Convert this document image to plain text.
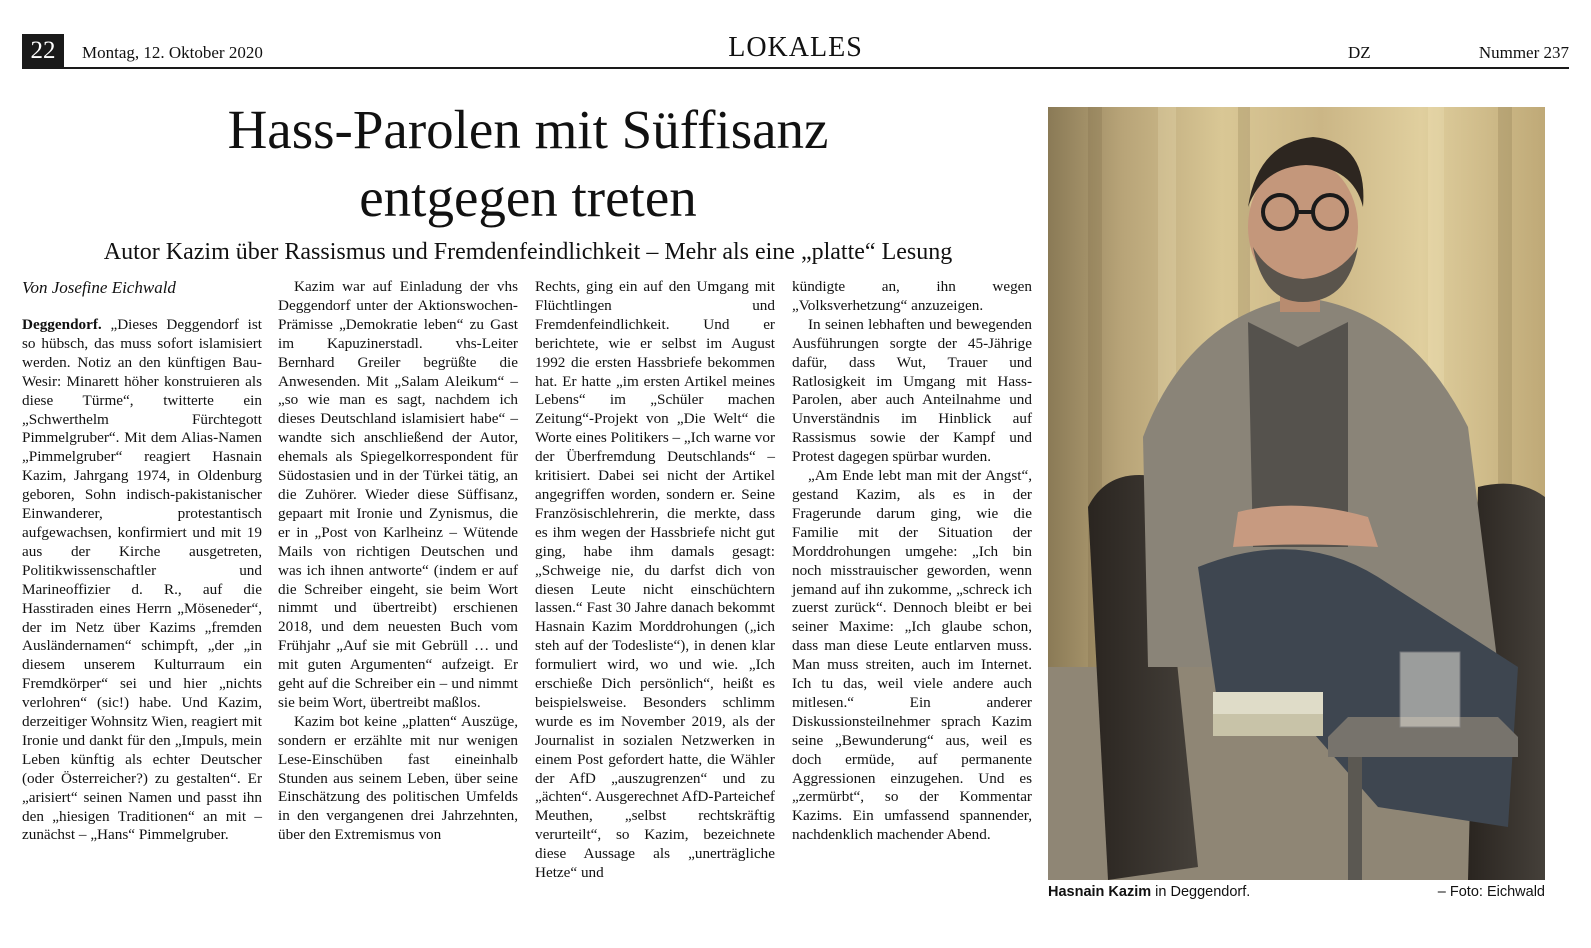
22	Montag, 12. Oktober 2020	LOKALES	DZ	Nummer 237
Hass-Parolen mit Süffisanz
entgegen treten
Autor Kazim über Rassismus und Fremdenfeindlichkeit – Mehr als eine „platte“ Lesung
Von Josefine Eichwald

Deggendorf. „Dieses Deggendorf ist so hübsch, das muss sofort islamisiert werden. Notiz an den künftigen Bau-Wesir: Minarett höher konstruieren als diese Türme“, twitterte ein „Schwerthelm Fürchtegott Pimmelgruber“. Mit dem Alias-Namen „Pimmelgruber“ reagiert Hasnain Kazim, Jahrgang 1974, in Oldenburg geboren, Sohn indisch-pakistanischer Einwanderer, protestantisch aufgewachsen, konfirmiert und mit 19 aus der Kirche ausgetreten, Politikwissenschaftler und Marineoffizier d. R., auf die Hasstiraden eines Herrn „Möseneder“, der im Netz über Kazims „fremden Ausländernamen“ schimpft, „der „in diesem unserem Kulturraum ein Fremdkörper“ sei und hier „nichts verlohren“ (sic!) habe. Und Kazim, derzeitiger Wohnsitz Wien, reagiert mit Ironie und dankt für den „Impuls, mein Leben künftig als echter Deutscher (oder Österreicher?) zu gestalten“. Er „arisiert“ seinen Namen und passt ihn den „hiesigen Traditionen“ an mit – zunächst – „Hans“ Pimmelgruber.

Kazim war auf Einladung der vhs Deggendorf unter der Aktionswochen-Prämisse „Demokratie leben“ zu Gast im Kapuzinerstadl. vhs-Leiter Bernhard Greiler begrüßte die Anwesenden. Mit „Salam Aleikum“ – „so wie man es sagt, nachdem ich dieses Deutschland islamisiert habe“ – wandte sich anschließend der Autor, ehemals als Spiegelkorrespondent für Südostasien und in der Türkei tätig, an die Zuhörer. Wieder diese Süffisanz, gepaart mit Ironie und Zynismus, die er in „Post von Karlheinz – Wütende Mails von richtigen Deutschen und was ich ihnen antworte“ (indem er auf die Schreiber eingeht, sie beim Wort nimmt und übertreibt) erschienen 2018, und dem neuesten Buch vom Frühjahr „Auf sie mit Gebrüll … und mit guten Argumenten“ aufzeigt. Er geht auf die Schreiber ein – und nimmt sie beim Wort, übertreibt maßlos.

Kazim bot keine „platten“ Auszüge, sondern er erzählte mit nur wenigen Lese-Einschüben fast eineinhalb Stunden aus seinem Leben, über seine Einschätzung des politischen Umfelds in den vergangenen drei Jahrzehnten, über den Extremismus von

Rechts, ging ein auf den Umgang mit Flüchtlingen und Fremdenfeindlichkeit. Und er berichtete, wie er selbst im August 1992 die ersten Hassbriefe bekommen hat. Er hatte „im ersten Artikel meines Lebens“ im „Schüler machen Zeitung“-Projekt von „Die Welt“ die Worte eines Politikers – „Ich warne vor der Überfremdung Deutschlands“ – kritisiert. Dabei sei nicht der Artikel angegriffen worden, sondern er. Seine Französischlehrerin, die merkte, dass es ihm wegen der Hassbriefe nicht gut ging, habe ihm damals gesagt: „Schweige nie, du darfst dich von diesen Leute nicht einschüchtern lassen.“ Fast 30 Jahre danach bekommt Hasnain Kazim Morddrohungen („ich steh auf der Todesliste“), in denen klar formuliert wird, wo und wie. „Ich erschieße Dich persönlich“, heißt es beispielsweise. Besonders schlimm wurde es im November 2019, als der Journalist in sozialen Netzwerken in einem Post gefordert hatte, die Wähler der AfD „auszugrenzen“ und zu „ächten“. Ausgerechnet AfD-Parteichef Meuthen, „selbst rechtskräftig verurteilt“, so Kazim, bezeichnete diese Aussage als „unerträgliche Hetze“ und

kündigte an, ihn wegen „Volksverhetzung“ anzuzeigen.

In seinen lebhaften und bewegenden Ausführungen sorgte der 45-Jährige dafür, dass Wut, Trauer und Ratlosigkeit im Umgang mit Hass-Parolen, aber auch Anteilnahme und Unverständnis im Hinblick auf Rassismus sowie der Kampf und Protest dagegen spürbar wurden.

„Am Ende lebt man mit der Angst“, gestand Kazim, als es in der Fragerunde darum ging, wie die Familie mit der Situation der Morddrohungen umgehe: „Ich bin noch misstrauischer geworden, wenn jemand auf ihn zukomme, „schreck ich zuerst zurück“. Dennoch bleibt er bei seiner Maxime: „Ich glaube schon, dass man diese Leute entlarven muss. Man muss streiten, auch im Internet. Ich tu das, weil viele andere auch mitlesen.“ Ein anderer Diskussionsteilnehmer sprach Kazim seine „Bewunderung“ aus, weil es doch ermüde, auf permanente Aggressionen einzugehen. Und es „zermürbt“, so der Kommentar Kazims. Ein umfassend spannender, nachdenklich machender Abend.

Hasnain Kazim in Deggendorf.	– Foto: Eichwald
